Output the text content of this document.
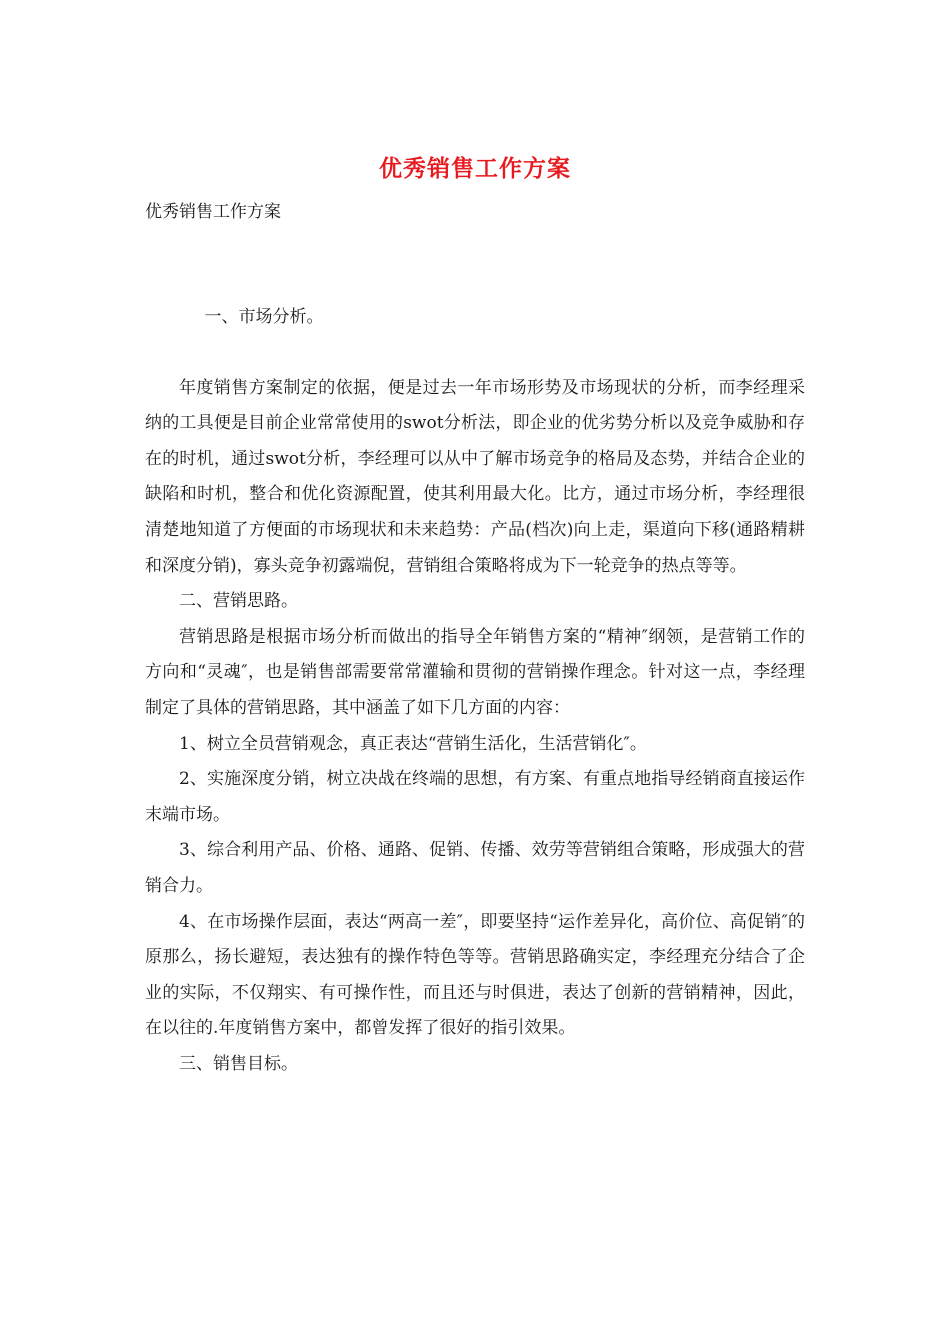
优秀销售工作方案
优秀销售工作方案

一、市场分析。

年度销售方案制定的依据，便是过去一年市场形势及市场现状的分析，而李经理采纳的工具便是目前企业常常使用的swot分析法，即企业的优劣势分析以及竞争威胁和存在的时机，通过swot分析，李经理可以从中了解市场竞争的格局及态势，并结合企业的缺陷和时机，整合和优化资源配置，使其利用最大化。比方，通过市场分析，李经理很清楚地知道了方便面的市场现状和未来趋势：产品(档次)向上走，渠道向下移(通路精耕和深度分销)，寡头竞争初露端倪，营销组合策略将成为下一轮竞争的热点等等。

二、营销思路。

营销思路是根据市场分析而做出的指导全年销售方案的“精神″纲领，是营销工作的方向和“灵魂″，也是销售部需要常常灌输和贯彻的营销操作理念。针对这一点，李经理制定了具体的营销思路，其中涵盖了如下几方面的内容：

1、树立全员营销观念，真正表达“营销生活化，生活营销化″。

2、实施深度分销，树立决战在终端的思想，有方案、有重点地指导经销商直接运作末端市场。

3、综合利用产品、价格、通路、促销、传播、效劳等营销组合策略，形成强大的营销合力。

4、在市场操作层面，表达“两高一差″，即要坚持“运作差异化，高价位、高促销″的原那么，扬长避短，表达独有的操作特色等等。营销思路确实定，李经理充分结合了企业的实际，不仅翔实、有可操作性，而且还与时俱进，表达了创新的营销精神，因此，在以往的.年度销售方案中，都曾发挥了很好的指引效果。

三、销售目标。
